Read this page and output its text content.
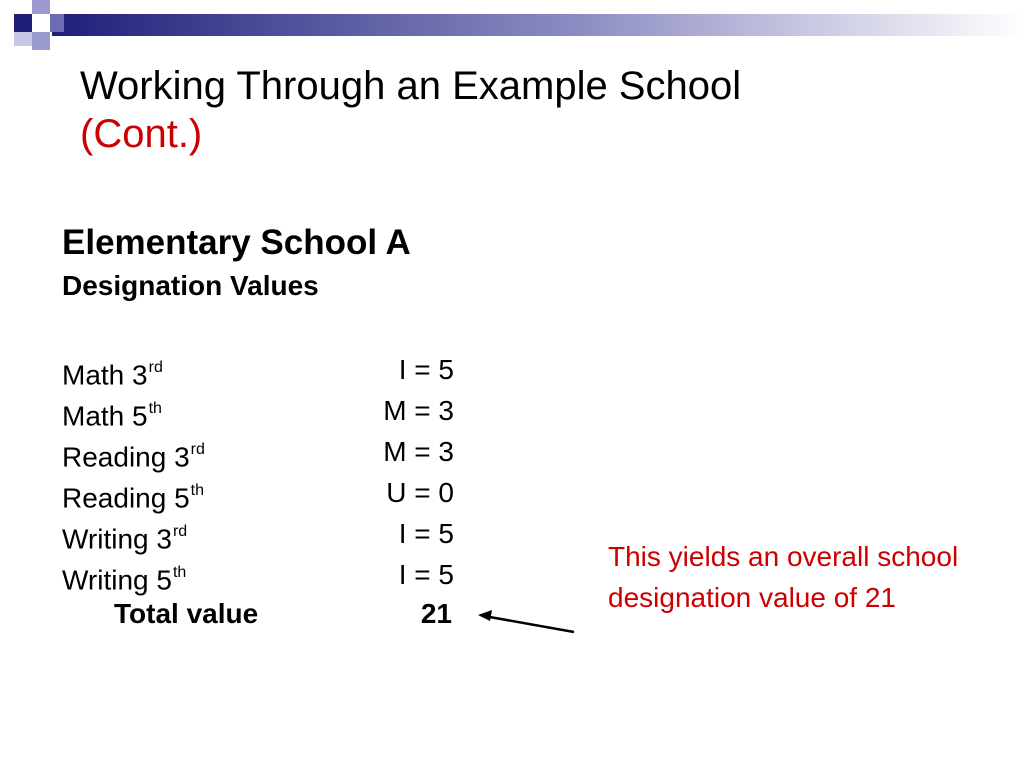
Working Through an Example School
(Cont.)
Elementary School A
Designation Values
Math 3rd	I = 5
Math 5th	M = 3
Reading 3rd	M = 3
Reading 5th	U = 0
Writing 3rd	I = 5
Writing 5th	I = 5
Total value	21
This yields an overall school designation value of 21
